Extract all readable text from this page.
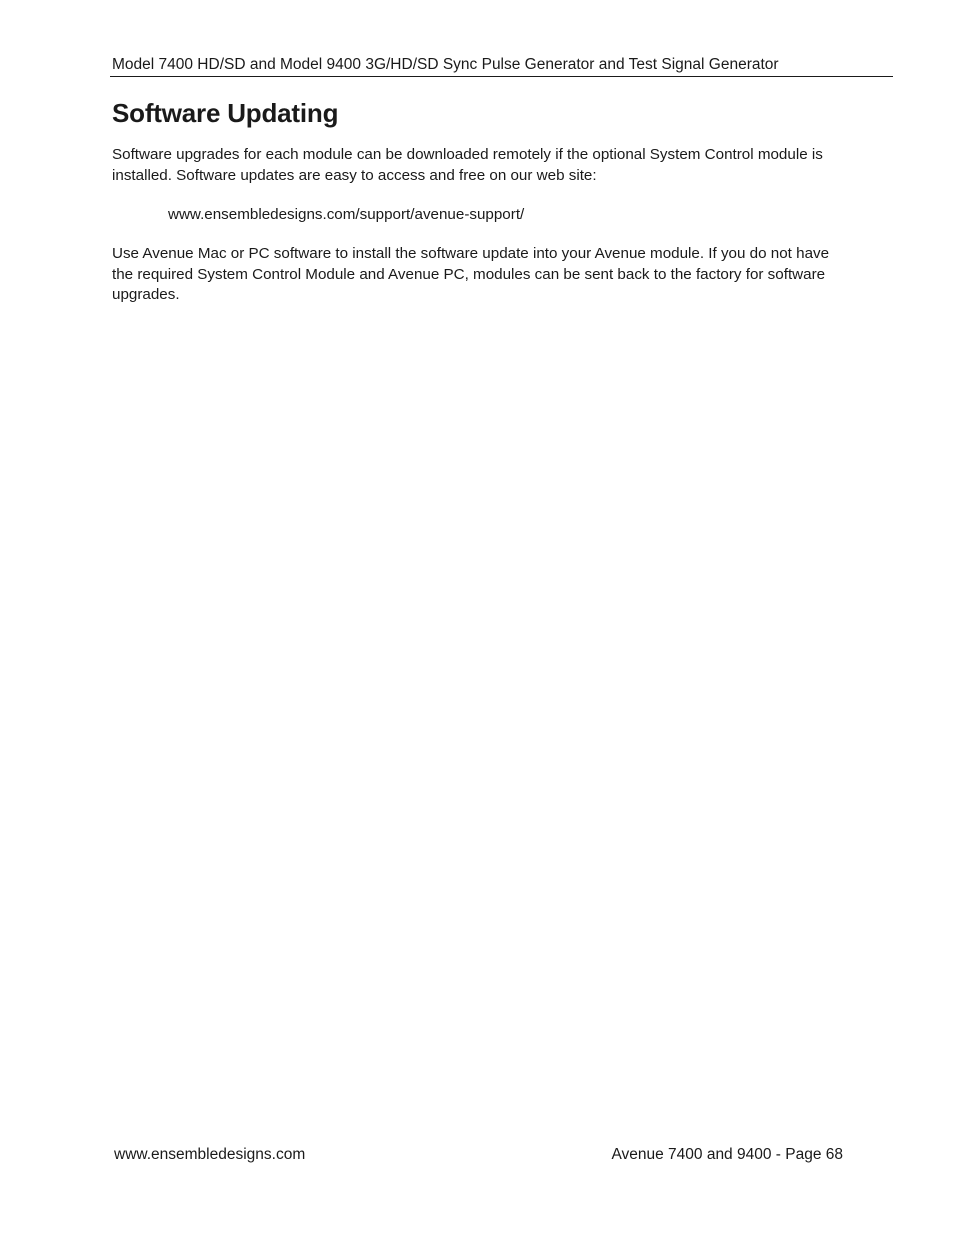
Model 7400 HD/SD and Model 9400 3G/HD/SD Sync Pulse Generator and Test Signal Generator
Software Updating

Software upgrades for each module can be downloaded remotely if the optional System Control module is installed. Software updates are easy to access and free on our web site:

www.ensembledesigns.com/support/avenue-support/

Use Avenue Mac or PC software to install the software update into your Avenue module. If you do not have the required System Control Module and Avenue PC, modules can be sent back to the factory for software upgrades.

www.ensembledesigns.com	Avenue 7400 and 9400 - Page 68
